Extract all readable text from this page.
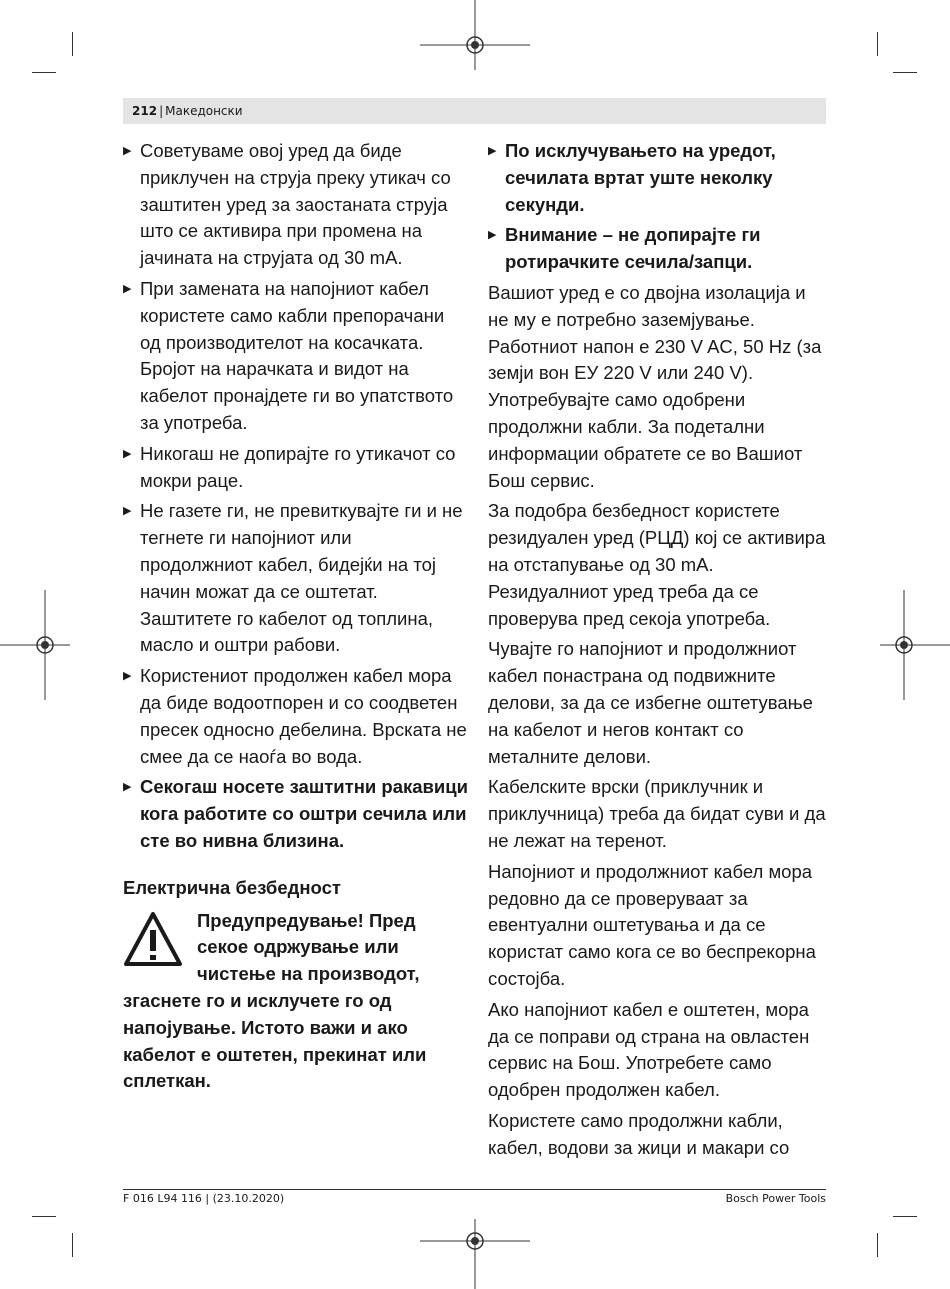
212 | Македонски
▶ Советуваме овој уред да биде приклучен на струја преку утикач со заштитен уред за заостаната струја што се активира при промена на јачината на струјата од 30 mA.
▶ При замената на напојниот кабел користете само кабли препорачани од производителот на косачката. Бројот на нарачката и видот на кабелот пронајдете ги во упатството за употреба.
▶ Никогаш не допирајте го утикачот со мокри раце.
▶ Не газете ги, не превиткувајте ги и не тегнете ги напојниот или продолжниот кабел, бидејќи на тој начин можат да се оштетат. Заштитете го кабелот од топлина, масло и оштри рабови.
▶ Користениот продолжен кабел мора да биде водоотпорен и со соодветен пресек односно дебелина. Врската не смее да се наоѓа во вода.
▶ Секогаш носете заштитни ракавици кога работите со оштри сечила или сте во нивна близина.
Електрична безбедност
Предупредување! Пред секое одржување или чистење на производот, згаснете го и исклучете го од напојување. Истото важи и ако кабелот е оштетен, прекинат или сплеткан.
▶ По исклучувањето на уредот, сечилата вртат уште неколку секунди.
▶ Внимание – не допирајте ги ротирачките сечила/запци.
Вашиот уред е со двојна изолација и не му е потребно заземјување. Работниот напон е 230 V AC, 50 Hz (за земји вон ЕУ 220 V или 240 V). Употребувајте само одобрени продолжни кабли. За подетални информации обратете се во Вашиот Бош сервис.
За подобра безбедност користете резидуален уред (РЦД) кој се активира на отстапување од 30 mA. Резидуалниот уред треба да се проверува пред секоја употреба.
Чувајте го напојниот и продолжниот кабел понастрана од подвижните делови, за да се избегне оштетување на кабелот и негов контакт со металните делови.
Кабелските врски (приклучник и приклучница) треба да бидат суви и да не лежат на теренот.
Напојниот и продолжниот кабел мора редовно да се проверуваат за евентуални оштетувања и да се користат само кога се во беспрекорна состојба.
Ако напојниот кабел е оштетен, мора да се поправи од страна на овластен сервис на Бош. Употребете само одобрен продолжен кабел.
Користете само продолжни кабли, кабел, водови за жици и макари со
F 016 L94 116 | (23.10.2020)	Bosch Power Tools
